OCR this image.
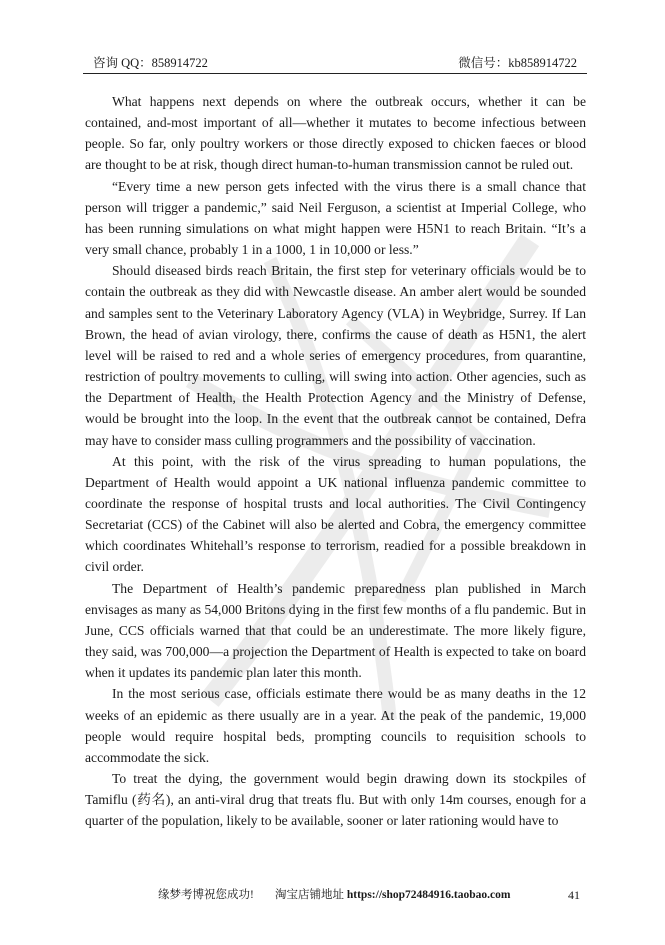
咨询 QQ：858914722	微信号：kb858914722

What happens next depends on where the outbreak occurs, whether it can be contained, and-most important of all—whether it mutates to become infectious between people. So far, only poultry workers or those directly exposed to chicken faeces or blood are thought to be at risk, though direct human-to-human transmission cannot be ruled out.

“Every time a new person gets infected with the virus there is a small chance that person will trigger a pandemic,” said Neil Ferguson, a scientist at Imperial College, who has been running simulations on what might happen were H5N1 to reach Britain. “It’s a very small chance, probably 1 in a 1000, 1 in 10,000 or less.”

Should diseased birds reach Britain, the first step for veterinary officials would be to contain the outbreak as they did with Newcastle disease. An amber alert would be sounded and samples sent to the Veterinary Laboratory Agency (VLA) in Weybridge, Surrey. If Lan Brown, the head of avian virology, there, confirms the cause of death as H5N1, the alert level will be raised to red and a whole series of emergency procedures, from quarantine, restriction of poultry movements to culling, will swing into action. Other agencies, such as the Department of Health, the Health Protection Agency and the Ministry of Defense, would be brought into the loop. In the event that the outbreak cannot be contained, Defra may have to consider mass culling programmers and the possibility of vaccination.

At this point, with the risk of the virus spreading to human populations, the Department of Health would appoint a UK national influenza pandemic committee to coordinate the response of hospital trusts and local authorities. The Civil Contingency Secretariat (CCS) of the Cabinet will also be alerted and Cobra, the emergency committee which coordinates Whitehall’s response to terrorism, readied for a possible breakdown in civil order.

The Department of Health’s pandemic preparedness plan published in March envisages as many as 54,000 Britons dying in the first few months of a flu pandemic. But in June, CCS officials warned that that could be an underestimate. The more likely figure, they said, was 700,000—a projection the Department of Health is expected to take on board when it updates its pandemic plan later this month.

In the most serious case, officials estimate there would be as many deaths in the 12 weeks of an epidemic as there usually are in a year. At the peak of the pandemic, 19,000 people would require hospital beds, prompting councils to requisition schools to accommodate the sick.

To treat the dying, the government would begin drawing down its stockpiles of Tamiflu (药名), an anti-viral drug that treats flu. But with only 14m courses, enough for a quarter of the population, likely to be available, sooner or later rationing would have to

缘梦考博祝您成功! 淘宝店铺地址 https://shop72484916.taobao.com	41
